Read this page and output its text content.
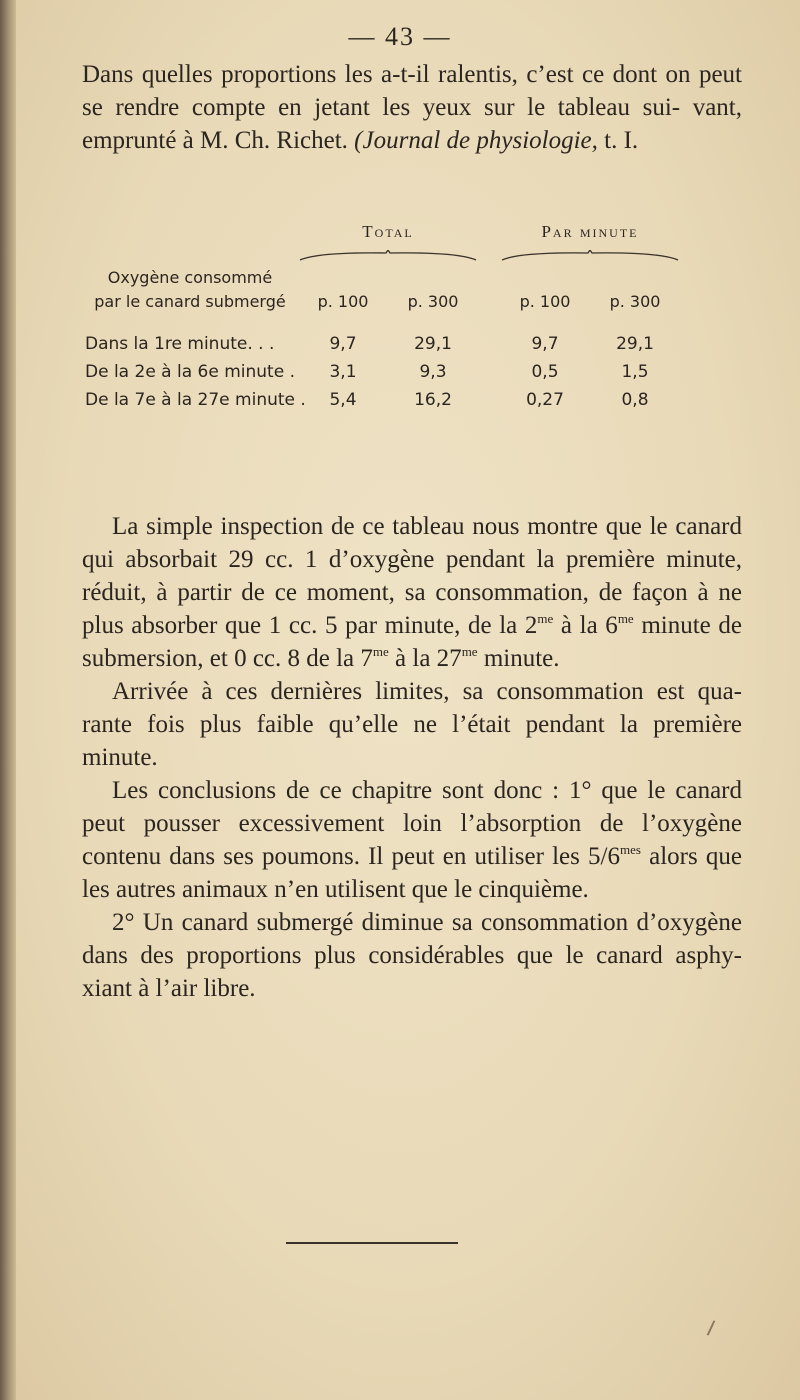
— 43 —
Dans quelles proportions les a-t-il ralentis, c’est ce dont on peut se rendre compte en jetant les yeux sur le tableau sui- vant, emprunté à M. Ch. Richet. (Journal de physiologie, t. I.
Oxygène consommé
par le canard submergé
Total	Par minute
p. 100	p. 300	p. 100	p. 300
Dans la 1re minute. . .	9,7	29,1	9,7	29,1
De la 2e à la 6e minute .	3,1	9,3	0,5	1,5
De la 7e à la 27e minute .	5,4	16,2	0,27	0,8

La simple inspection de ce tableau nous montre que le canard qui absorbait 29 cc. 1 d’oxygène pendant la première minute, réduit, à partir de ce moment, sa consommation, de façon à ne plus absorber que 1 cc. 5 par minute, de la $2^{me}$ à la $6^{me}$ minute de submersion, et 0 cc. 8 de la $7^{me}$ à la $27^{me}$ minute.

Arrivée à ces dernières limites, sa consommation est qua- rante fois plus faible qu’elle ne l’était pendant la première minute.

Les conclusions de ce chapitre sont donc : 1° que le canard peut pousser excessivement loin l’absorption de l’oxygène contenu dans ses poumons. Il peut en utiliser les $5/6^{mes}$ alors que les autres animaux n’en utilisent que le cinquième.

2° Un canard submergé diminue sa consommation d’oxygène dans des proportions plus considérables que le canard asphy- xiant à l’air libre.
